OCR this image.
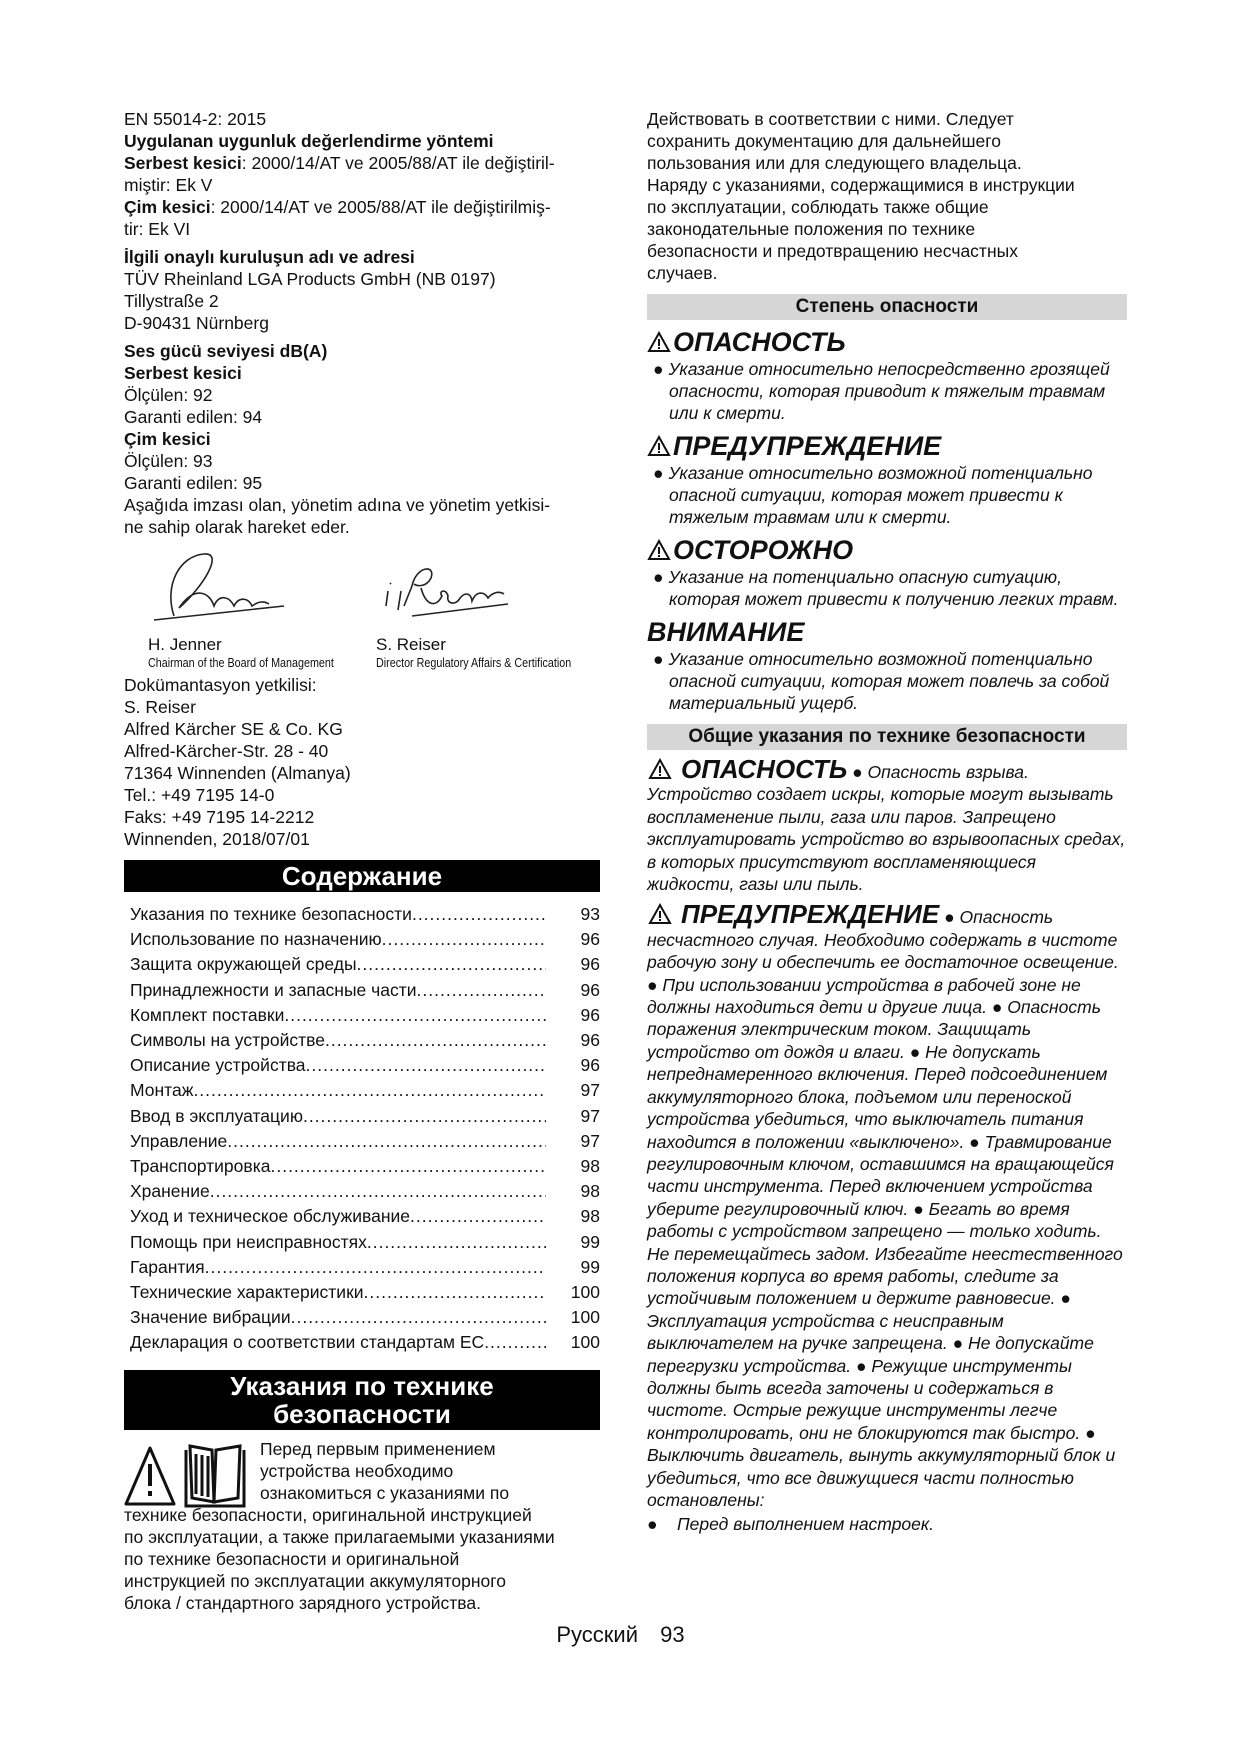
EN 55014-2: 2015

Uygulanan uygunluk değerlendirme yöntemi

Serbest kesici: 2000/14/AT ve 2005/88/AT ile değiştiril-

miştir: Ek V

Çim kesici: 2000/14/AT ve 2005/88/AT ile değiştirilmiş-

tir: Ek VI

İlgili onaylı kuruluşun adı ve adresi

TÜV Rheinland LGA Products GmbH (NB 0197)

Tillystraße 2

D-90431 Nürnberg

Ses gücü seviyesi dB(A)

Serbest kesici

Ölçülen: 92

Garanti edilen: 94

Çim kesici

Ölçülen: 93

Garanti edilen: 95

Aşağıda imzası olan, yönetim adına ve yönetim yetkisi-

ne sahip olarak hareket eder.

H. Jenner
Chairman of the Board of Management
S. Reiser
Director Regulatory Affairs & Certification

Dokümantasyon yetkilisi:

S. Reiser

Alfred Kärcher SE & Co. KG

Alfred-Kärcher-Str. 28 - 40

71364 Winnenden (Almanya)

Tel.: +49 7195 14-0

Faks: +49 7195 14-2212

Winnenden, 2018/07/01

Содержание
Указания по технике безопасности .....	93
Использование по назначению .....	96
Защита окружающей среды .....	96
Принадлежности и запасные части .....	96
Комплект поставки .....	96
Символы на устройстве .....	96
Описание устройства .....	96
Монтаж .....	97
Ввод в эксплуатацию .....	97
Управление .....	97
Транспортировка .....	98
Хранение .....	98
Уход и техническое обслуживание .....	98
Помощь при неисправностях .....	99
Гарантия .....	99
Технические характеристики .....	100
Значение вибрации .....	100
Декларация о соответствии стандартам ЕС .....	100
Указания по технике
безопасности

Перед первым применением

устройства необходимо

ознакомиться с указаниями по

технике безопасности, оригинальной инструкцией

по эксплуатации, а также прилагаемыми указаниями

по технике безопасности и оригинальной

инструкцией по эксплуатации аккумуляторного

блока / стандартного зарядного устройства.

Действовать в соответствии с ними. Следует

сохранить документацию для дальнейшего

пользования или для следующего владельца.

Наряду с указаниями, содержащимися в инструкции

по эксплуатации, соблюдать также общие

законодательные положения по технике

безопасности и предотвращению несчастных

случаев.

Степень опасности
ОПАСНОСТЬ

● Указание относительно непосредственно грозящей опасности, которая приводит к тяжелым травмам или к смерти.

ПРЕДУПРЕЖДЕНИЕ

● Указание относительно возможной потенциально опасной ситуации, которая может привести к тяжелым травмам или к смерти.

ОСТОРОЖНО

● Указание на потенциально опасную ситуацию, которая может привести к получению легких травм.

ВНИМАНИЕ

● Указание относительно возможной потенциально опасной ситуации, которая может повлечь за собой материальный ущерб.

Общие указания по технике безопасности

ОПАСНОСТЬ ● Опасность взрыва. Устройство создает искры, которые могут вызывать воспламенение пыли, газа или паров. Запрещено эксплуатировать устройство во взрывоопасных средах, в которых присутствуют воспламеняющиеся жидкости, газы или пыль.

ПРЕДУПРЕЖДЕНИЕ ● Опасность несчастного случая. Необходимо содержать в чистоте рабочую зону и обеспечить ее достаточное освещение. ● При использовании устройства в рабочей зоне не должны находиться дети и другие лица. ● Опасность поражения электрическим током. Защищать устройство от дождя и влаги. ● Не допускать непреднамеренного включения. Перед подсоединением аккумуляторного блока, подъемом или переноской устройства убедиться, что выключатель питания находится в положении «выключено». ● Травмирование регулировочным ключом, оставшимся на вращающейся части инструмента. Перед включением устройства уберите регулировочный ключ. ● Бегать во время работы с устройством запрещено — только ходить. Не перемещайтесь задом. Избегайте неестественного положения корпуса во время работы, следите за устойчивым положением и держите равновесие. ● Эксплуатация устройства с неисправным выключателем на ручке запрещена. ● Не допускайте перегрузки устройства. ● Режущие инструменты должны быть всегда заточены и содержаться в чистоте. Острые режущие инструменты легче контролировать, они не блокируются так быстро. ● Выключить двигатель, вынуть аккумуляторный блок и убедиться, что все движущиеся части полностью остановлены:

● Перед выполнением настроек.

Русский 93
